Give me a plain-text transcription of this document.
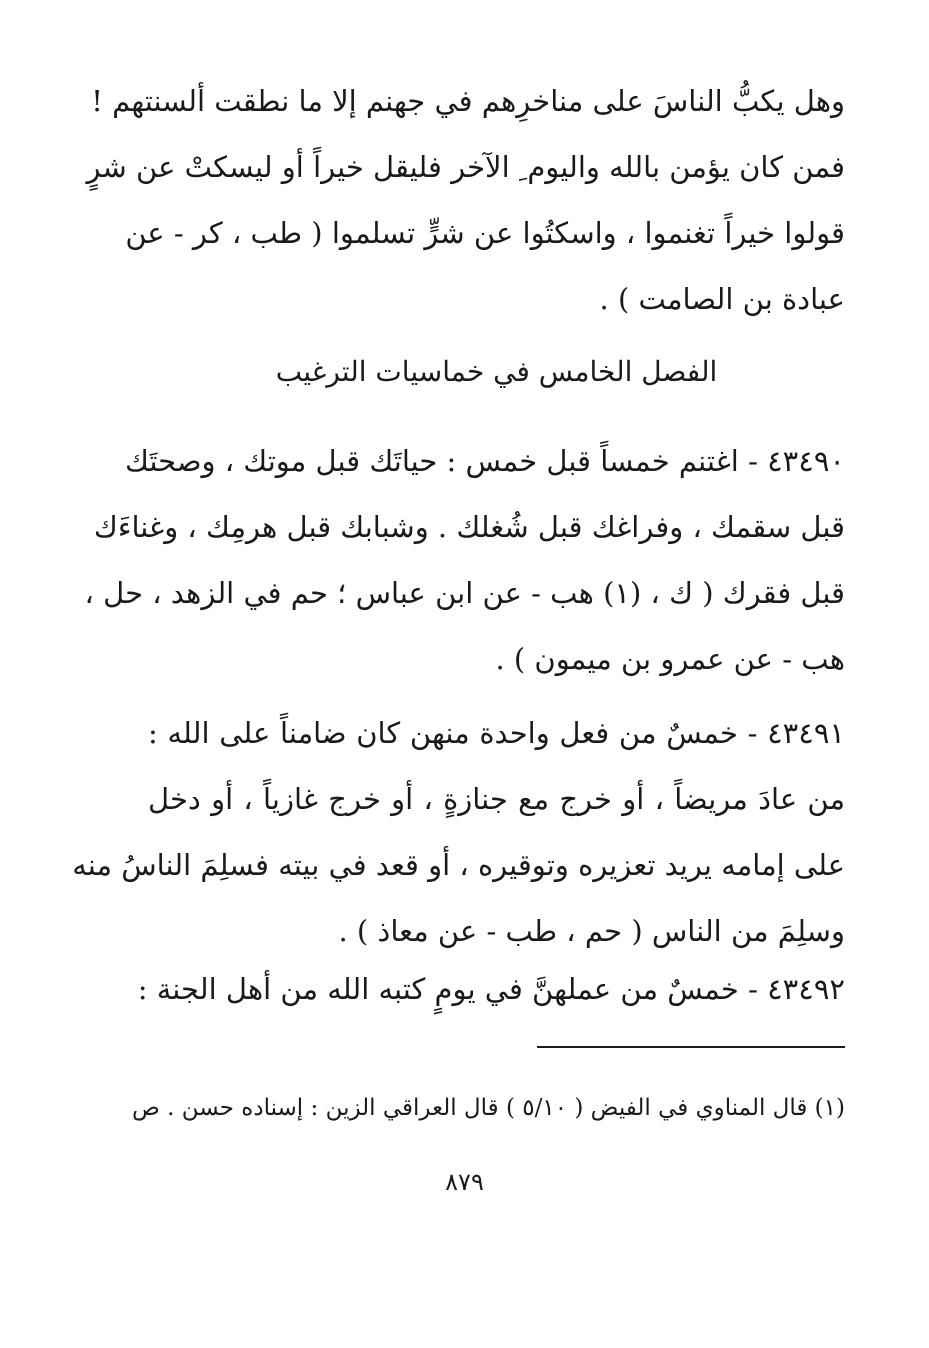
وهل يكبُّ الناسَ على مناخرِهم في جهنم إلا ما نطقت ألسنتهم !
فمن كان يؤمن بالله واليوم ِ الآخر فليقل خيراً أو ليسكتْ عن شرٍ
قولوا خيراً تغنموا ، واسكتُوا عن شرٍّ تسلموا ( طب ، كر - عن
عبادة بن الصامت ) .
الفصل الخامس في خماسيات الترغيب
٤٣٤٩٠ - اغتنم خمساً قبل خمس : حياتَك قبل موتك ، وصحتَك
قبل سقمك ، وفراغك قبل شُغلك . وشبابك قبل هرمِك ، وغناءَك
قبل فقرك ( ك ، (١) هب - عن ابن عباس ؛ حم في الزهد ، حل ،
هب - عن عمرو بن ميمون ) .
٤٣٤٩١ - خمسٌ من فعل واحدة منهن كان ضامناً على الله :
من عادَ مريضاً ، أو خرج مع جنازةٍ ، أو خرج غازياً ، أو دخل
على إمامه يريد تعزيره وتوقيره ، أو قعد في بيته فسلِمَ الناسُ منه
وسلِمَ من الناس ( حم ، طب - عن معاذ ) .
٤٣٤٩٢ - خمسٌ من عملهنَّ في يومٍ كتبه الله من أهل الجنة :
(١) قال المناوي في الفيض ( ٥/١٠ ) قال العراقي الزين : إسناده حسن . ص
٨٧٩
